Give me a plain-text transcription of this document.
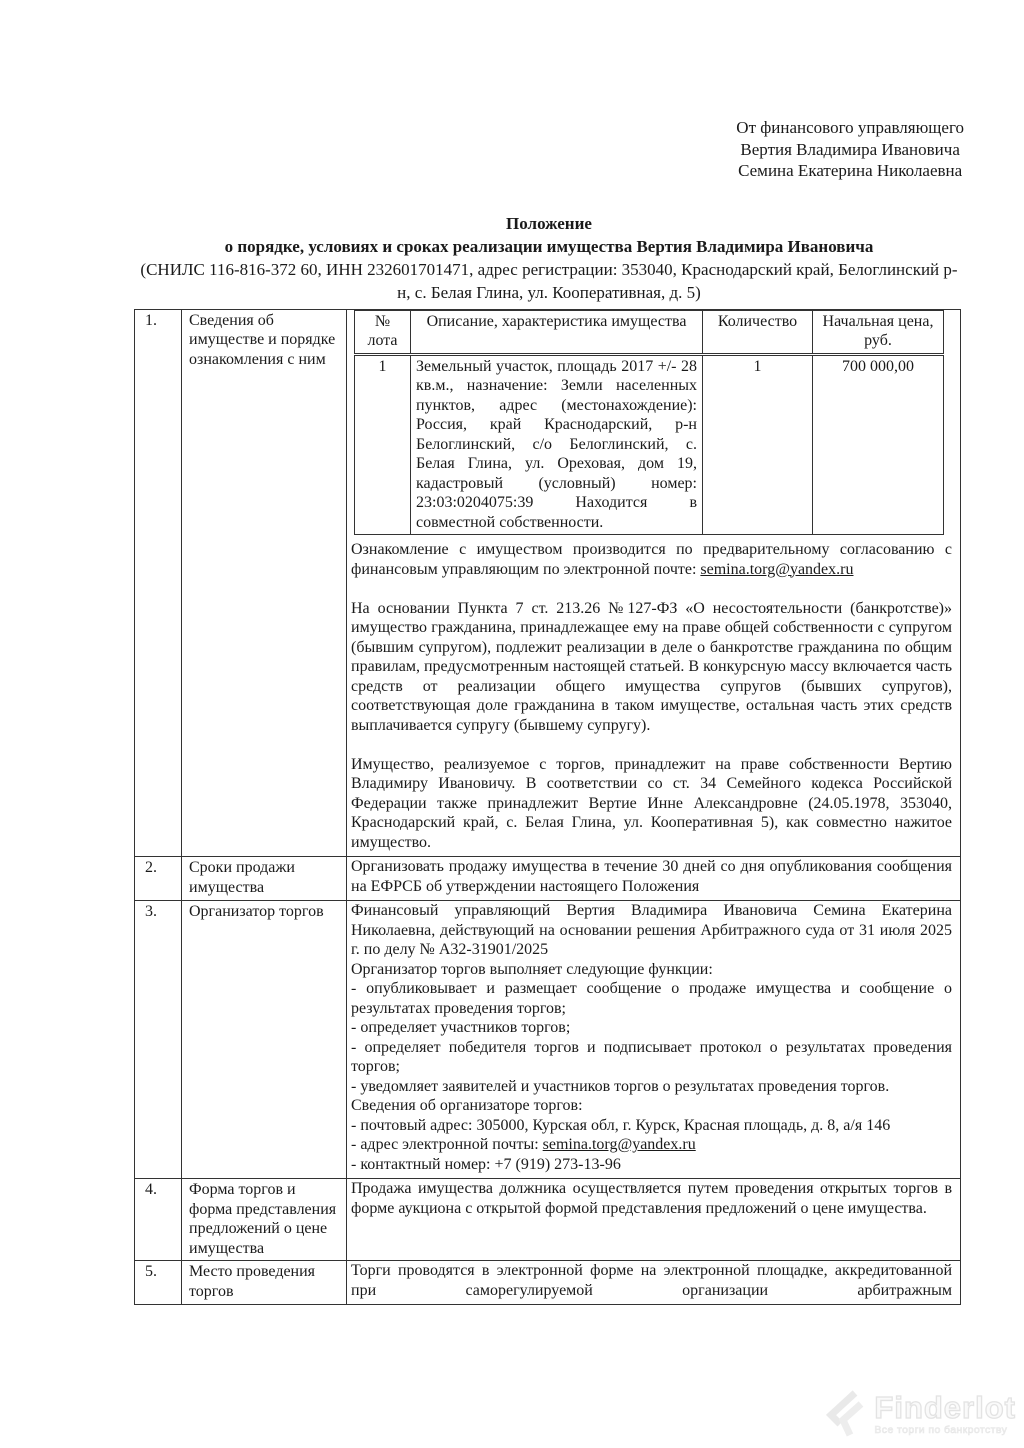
От финансового управляющего
Вертия Владимира Ивановича
Семина Екатерина Николаевна
Положение
о порядке, условиях и сроках реализации имущества Вертия Владимира Ивановича
(СНИЛС 116-816-372 60, ИНН 232601701471, адрес регистрации: 353040, Краснодарский край, Белоглинский р-н, с. Белая Глина, ул. Кооперативная, д. 5)
1.	Сведения об имуществе и порядке ознакомления с ним	
№ лота	Описание, характеристика имущества	Количество	Начальная цена, руб.
1	Земельный участок, площадь 2017 +/- 28 кв.м., назначение: Земли населенных пунктов, адрес (местонахождение): Россия, край Краснодарский, р-н Белоглинский, с/о Белоглинский, с. Белая Глина, ул. Ореховая, дом 19, кадастровый (условный) номер: 23:03:0204075:39 Находится в совместной собственности.	1	700 000,00

Ознакомление с имуществом производится по предварительному согласованию с финансовым управляющим по электронной почте: semina.torg@yandex.ru

На основании Пункта 7 ст. 213.26 №127-ФЗ «О несостоятельности (банкротстве)» имущество гражданина, принадлежащее ему на праве общей собственности с супругом (бывшим супругом), подлежит реализации в деле о банкротстве гражданина по общим правилам, предусмотренным настоящей статьей. В конкурсную массу включается часть средств от реализации общего имущества супругов (бывших супругов), соответствующая доле гражданина в таком имуществе, остальная часть этих средств выплачивается супругу (бывшему супругу).

Имущество, реализуемое с торгов, принадлежит на праве собственности Вертию Владимиру Ивановичу. В соответствии со ст. 34 Семейного кодекса Российской Федерации также принадлежит Вертие Инне Александровне (24.05.1978, 353040, Краснодарский край, с. Белая Глина, ул. Кооперативная 5), как совместно нажитое имущество.

2.	Сроки продажи имущества	

Организовать продажу имущества в течение 30 дней со дня опубликования сообщения на ЕФРСБ об утверждении настоящего Положения

3.	Организатор торгов	Финансовый управляющий Вертия Владимира Ивановича Семина Екатерина Николаевна, действующий на основании решения Арбитражного суда от 31 июля 2025 г. по делу № А32-31901/2025

Организатор торгов выполняет следующие функции:

- опубликовывает и размещает сообщение о продаже имущества и сообщение о результатах проведения торгов;

- определяет участников торгов;

- определяет победителя торгов и подписывает протокол о результатах проведения торгов;

- уведомляет заявителей и участников торгов о результатах проведения торгов.

Сведения об организаторе торгов:

- почтовый адрес: 305000, Курская обл, г. Курск, Красная площадь, д. 8, а/я 146

- адрес электронной почты: semina.torg@yandex.ru

- контактный номер: +7 (919) 273-13-96

4.	Форма торгов и форма представления предложений о цене имущества	

Продажа имущества должника осуществляется путем проведения открытых торгов в форме аукциона с открытой формой представления предложений о цене имущества.

5.	Место проведения торгов	

Торги проводятся в электронной форме на электронной площадке, аккредитованной при саморегулируемой организации арбитражным

Finderlot
Все торги по банкротству
